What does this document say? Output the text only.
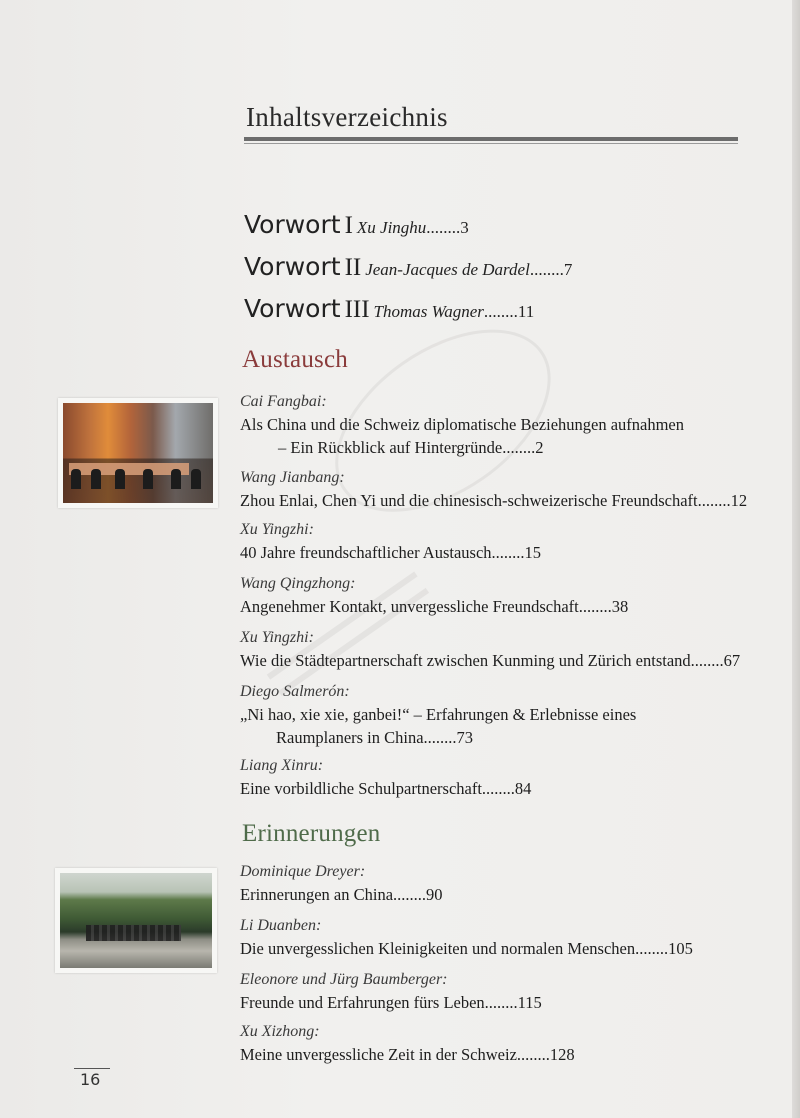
Inhaltsverzeichnis
Vorwort I Xu Jinghu........3
Vorwort II Jean-Jacques de Dardel........7
Vorwort III Thomas Wagner........11
Austausch
Cai Fangbai:
Als China und die Schweiz diplomatische Beziehungen aufnahmen
– Ein Rückblick auf Hintergründe........2
Wang Jianbang:
Zhou Enlai, Chen Yi und die chinesisch-schweizerische Freundschaft........12
Xu Yingzhi:
40 Jahre freundschaftlicher Austausch........15
Wang Qingzhong:
Angenehmer Kontakt, unvergessliche Freundschaft........38
Xu Yingzhi:
Wie die Städtepartnerschaft zwischen Kunming und Zürich entstand........67
Diego Salmerón:
„Ni hao, xie xie, ganbei!“ – Erfahrungen & Erlebnisse eines
Raumplaners in China........73
Liang Xinru:
Eine vorbildliche Schulpartnerschaft........84
Erinnerungen
Dominique Dreyer:
Erinnerungen an China........90
Li Duanben:
Die unvergesslichen Kleinigkeiten und normalen Menschen........105
Eleonore und Jürg Baumberger:
Freunde und Erfahrungen fürs Leben........115
Xu Xizhong:
Meine unvergessliche Zeit in der Schweiz........128
16
